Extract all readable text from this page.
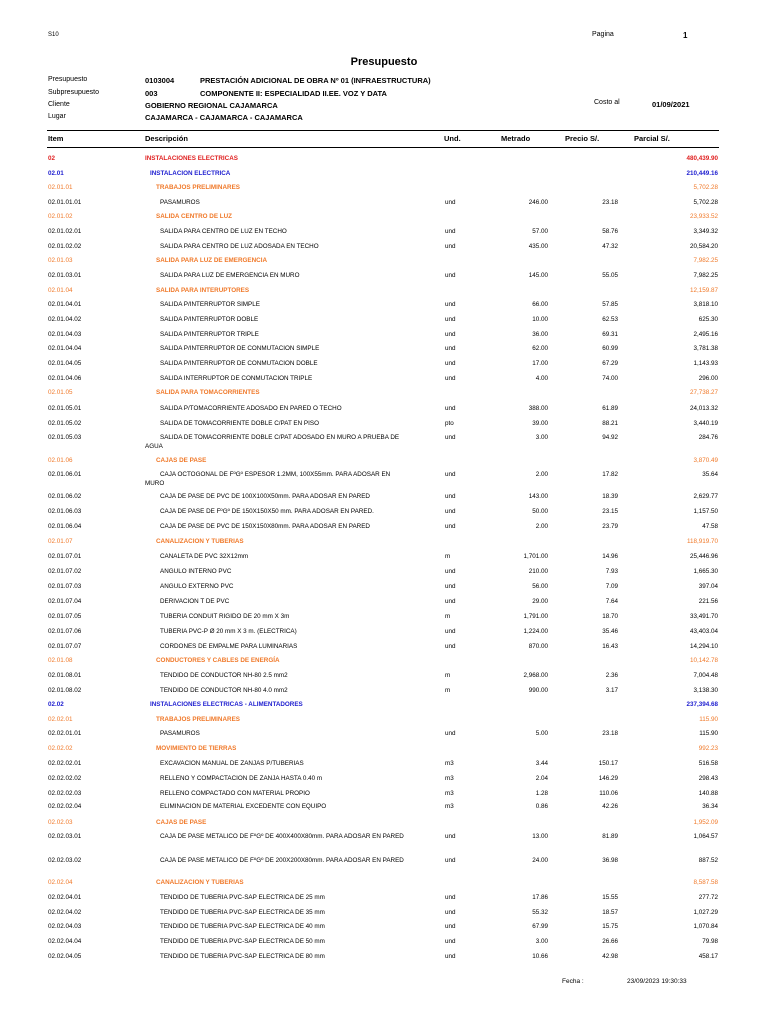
S10	Pagina	1
Presupuesto
Presupuesto	0103004	PRESTACIÓN ADICIONAL DE OBRA Nº 01 (INFRAESTRUCTURA)
Subpresupuesto	003	COMPONENTE II: ESPECIALIDAD II.EE. VOZ Y DATA
Cliente	GOBIERNO REGIONAL CAJAMARCA	Costo al	01/09/2021
Lugar	CAJAMARCA - CAJAMARCA - CAJAMARCA
Item	Descripción	Und.	Metrado	Precio S/.	Parcial S/.
02	INSTALACIONES ELECTRICAS	480,439.90
02.01	INSTALACION ELECTRICA	210,449.16
02.01.01	TRABAJOS PRELIMINARES	5,702.28
02.01.01.01	PASAMUROS	und	246.00	23.18	5,702.28
02.01.02	SALIDA CENTRO DE LUZ	23,933.52
02.01.02.01	SALIDA PARA CENTRO DE LUZ EN TECHO	und	57.00	58.76	3,349.32
02.01.02.02	SALIDA PARA CENTRO DE LUZ ADOSADA EN TECHO	und	435.00	47.32	20,584.20
02.01.03	SALIDA PARA LUZ DE EMERGENCIA	7,982.25
02.01.03.01	SALIDA PARA LUZ DE EMERGENCIA EN MURO	und	145.00	55.05	7,982.25
02.01.04	SALIDA PARA INTERUPTORES	12,159.87
02.01.04.01	SALIDA P/INTERRUPTOR SIMPLE	und	66.00	57.85	3,818.10
02.01.04.02	SALIDA P/INTERRUPTOR DOBLE	und	10.00	62.53	625.30
02.01.04.03	SALIDA P/INTERRUPTOR TRIPLE	und	36.00	69.31	2,495.16
02.01.04.04	SALIDA P/INTERRUPTOR DE CONMUTACION SIMPLE	und	62.00	60.99	3,781.38
02.01.04.05	SALIDA P/INTERRUPTOR DE CONMUTACION DOBLE	und	17.00	67.29	1,143.93
02.01.04.06	SALIDA INTERRUPTOR DE CONMUTACION TRIPLE	und	4.00	74.00	296.00
02.01.05	SALIDA PARA TOMACORRIENTES	27,738.27
02.01.05.01	SALIDA P/TOMACORRIENTE ADOSADO EN PARED O TECHO	und	388.00	61.89	24,013.32
02.01.05.02	SALIDA DE TOMACORRIENTE DOBLE C/PAT EN PISO	pto	39.00	88.21	3,440.19
02.01.05.03	SALIDA DE TOMACORRIENTE DOBLE C/PAT ADOSADO EN MURO A PRUEBA DE AGUA
und	3.00	94.92	284.76
02.01.06	CAJAS DE PASE	3,870.49
02.01.06.01	CAJA OCTOGONAL DE FºGº ESPESOR 1.2MM, 100X55mm. PARA ADOSAR EN MURO
und	2.00	17.82	35.64
02.01.06.02	CAJA DE PASE DE PVC DE 100X100X50mm. PARA ADOSAR EN PARED	und	143.00	18.39	2,629.77
02.01.06.03	CAJA DE PASE DE FºGº DE 150X150X50 mm. PARA ADOSAR EN PARED.	und	50.00	23.15	1,157.50
02.01.06.04	CAJA DE PASE DE PVC DE 150X150X80mm. PARA ADOSAR EN PARED	und	2.00	23.79	47.58
02.01.07	CANALIZACION Y TUBERIAS	118,919.70
02.01.07.01	CANALETA DE PVC 32X12mm	m	1,701.00	14.96	25,446.96
02.01.07.02	ANGULO INTERNO PVC	und	210.00	7.93	1,665.30
02.01.07.03	ANGULO EXTERNO PVC	und	56.00	7.09	397.04
02.01.07.04	DERIVACION T DE PVC	und	29.00	7.64	221.56
02.01.07.05	TUBERIA CONDUIT RIGIDO DE 20 mm X 3m	m	1,791.00	18.70	33,491.70
02.01.07.06	TUBERIA PVC-P Ø 20 mm X 3 m. (ELECTRICA)	und	1,224.00	35.46	43,403.04
02.01.07.07	CORDONES DE EMPALME PARA LUMINARIAS	und	870.00	16.43	14,294.10
02.01.08	CONDUCTORES Y CABLES DE ENERGÍA	10,142.78
02.01.08.01	TENDIDO DE CONDUCTOR NH-80 2.5 mm2	m	2,968.00	2.36	7,004.48
02.01.08.02	TENDIDO DE CONDUCTOR NH-80 4.0 mm2	m	990.00	3.17	3,138.30
02.02	INSTALACIONES ELECTRICAS - ALIMENTADORES	237,394.68
02.02.01	TRABAJOS PRELIMINARES	115.90
02.02.01.01	PASAMUROS	und	5.00	23.18	115.90
02.02.02	MOVIMIENTO DE TIERRAS	992.23
02.02.02.01	EXCAVACION MANUAL DE ZANJAS P/TUBERIAS	m3	3.44	150.17	516.58
02.02.02.02	RELLENO Y COMPACTACION DE ZANJA HASTA 0.40 m	m3	2.04	146.29	298.43
02.02.02.03	RELLENO COMPACTADO CON MATERIAL PROPIO	m3	1.28	110.06	140.88
02.02.02.04	ELIMINACION DE MATERIAL EXCEDENTE CON EQUIPO	m3	0.86	42.26	36.34
02.02.03	CAJAS DE PASE	1,952.09
02.02.03.01	CAJA DE PASE METALICO DE FºGº DE 400X400X80mm. PARA ADOSAR EN PARED	und	13.00	81.89	1,064.57
02.02.03.02	CAJA DE PASE METALICO DE FºGº DE 200X200X80mm. PARA ADOSAR EN PARED	und	24.00	36.98	887.52
02.02.04	CANALIZACION Y TUBERIAS	8,587.58
02.02.04.01	TENDIDO DE TUBERIA PVC-SAP ELECTRICA DE 25 mm	und	17.86	15.55	277.72
02.02.04.02	TENDIDO DE TUBERIA PVC-SAP ELECTRICA DE 35 mm	und	55.32	18.57	1,027.29
02.02.04.03	TENDIDO DE TUBERIA PVC-SAP ELECTRICA DE 40 mm	und	67.99	15.75	1,070.84
02.02.04.04	TENDIDO DE TUBERIA PVC-SAP ELECTRICA DE 50 mm	und	3.00	26.66	79.98
02.02.04.05	TENDIDO DE TUBERIA PVC-SAP ELECTRICA DE 80 mm	und	10.66	42.98	458.17
Fecha :	23/09/2023 19:30:33
